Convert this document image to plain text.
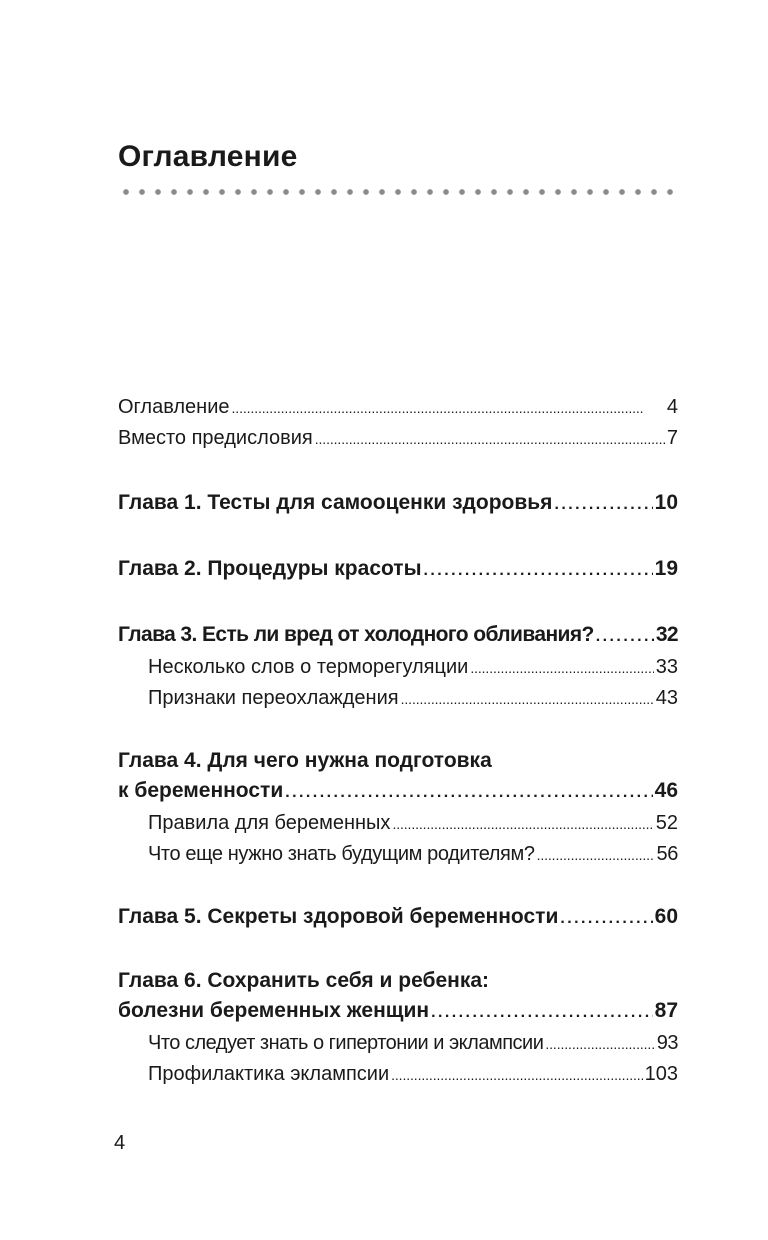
Оглавление
Оглавление . . .	4
Вместо предисловия . . .	7
Глава 1. Тесты для самооценки здоровья . . .	10
Глава 2. Процедуры красоты . . .	19
Глава 3. Есть ли вред от холодного обливания? . . .	32
Несколько слов о терморегуляции . . .	33
Признаки переохлаждения . . .	43
Глава 4. Для чего нужна подготовка
к беременности . . .	46
Правила для беременных . . .	52
Что еще нужно знать будущим родителям? . . .	56
Глава 5. Секреты здоровой беременности . . .	60
Глава 6. Сохранить себя и ребенка:
болезни беременных женщин . . .	87
Что следует знать о гипертонии и эклампсии . . .	93
Профилактика эклампсии . . .	103
4
